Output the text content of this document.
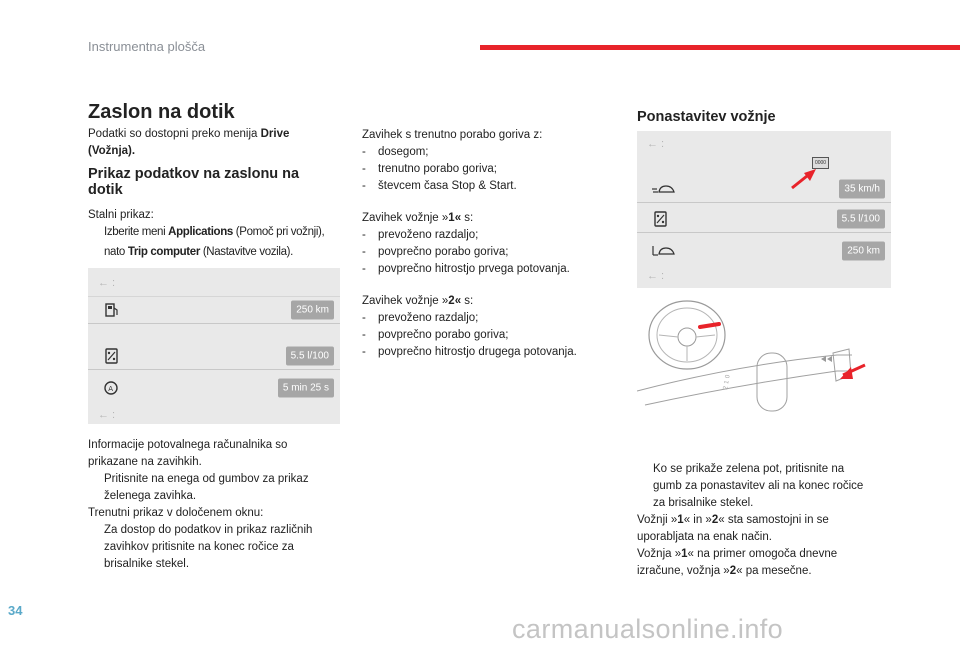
Instrumentna plošča
Zaslon na dotik
Podatki so dostopni preko menija Drive
(Vožnja).
Prikaz podatkov na zaslonu na dotik
Stalni prikaz:
Izberite meni Applications (Pomoč pri vožnji),
nato Trip computer (Nastavitve vozila).
← :
250 km
5.5 l/100
A	5 min 25 s
← :
Informacije potovalnega računalnika so
prikazane na zavihkih.
Pritisnite na enega od gumbov za prikaz
želenega zavihka.
Trenutni prikaz v določenem oknu:
Za dostop do podatkov in prikaz različnih
zavihkov pritisnite na konec ročice za
brisalnike stekel.
Zavihek s trenutno porabo goriva z:
-	dosegom;
-	trenutno porabo goriva;
-	števcem časa Stop & Start.
Zavihek vožnje »1« s:
-	prevoženo razdaljo;
-	povprečno porabo goriva;
-	povprečno hitrostjo prvega potovanja.
Zavihek vožnje »2« s:
-	prevoženo razdaljo;
-	povprečno porabo goriva;
-	povprečno hitrostjo drugega potovanja.
Ponastavitev vožnje
← :
0000
35 km/h
5.5 l/100
250 km
← :
2 1 0
Ko se prikaže zelena pot, pritisnite na
gumb za ponastavitev ali na konec ročice
za brisalnike stekel.
Vožnji »1« in »2« sta samostojni in se
uporabljata na enak način.
Vožnja »1« na primer omogoča dnevne
izračune, vožnja »2« pa mesečne.
34
carmanualsonline.info
